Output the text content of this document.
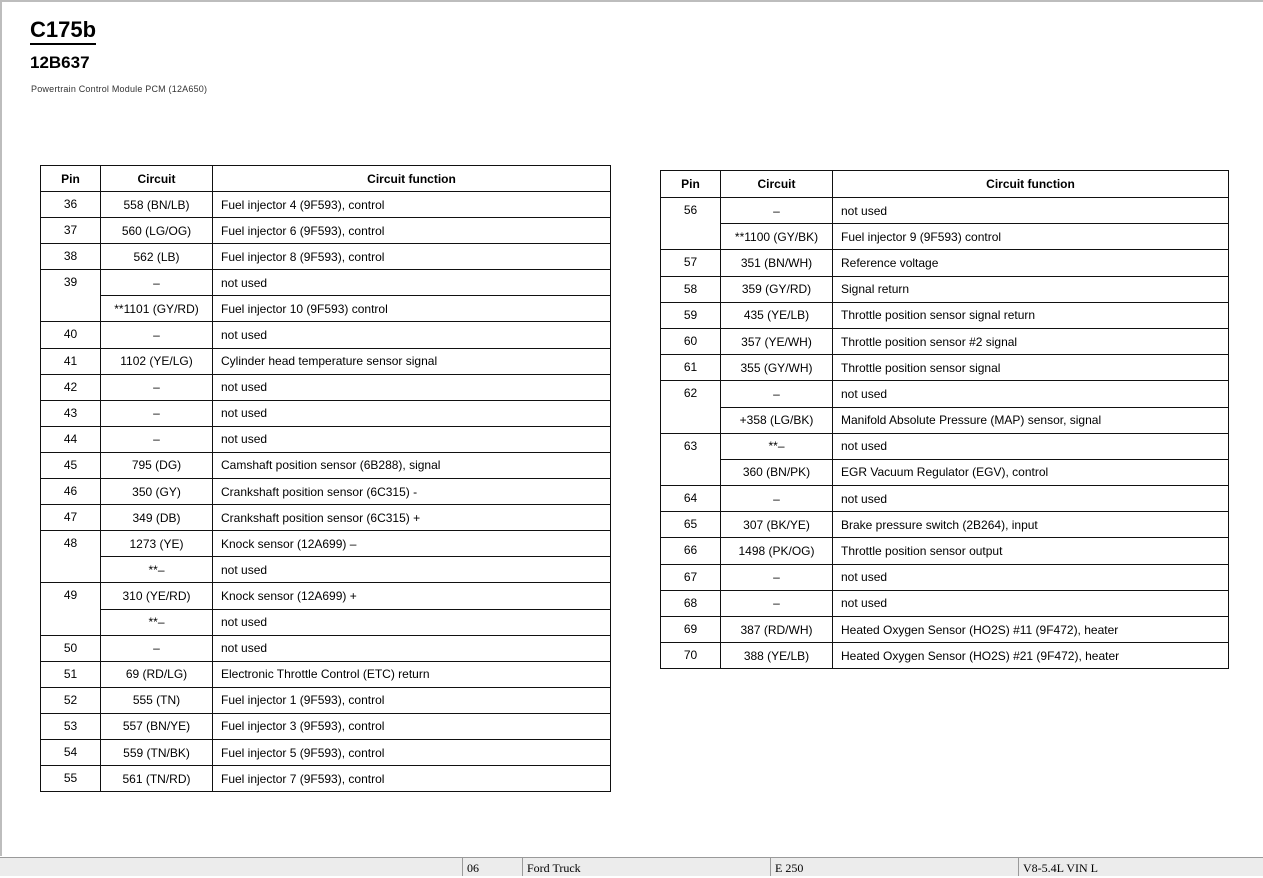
C175b
12B637
Powertrain Control Module PCM (12A650)
Pin	Circuit	Circuit function
36	558 (BN/LB)	Fuel injector 4 (9F593), control
37	560 (LG/OG)	Fuel injector 6 (9F593), control
38	562 (LB)	Fuel injector 8 (9F593), control
39	–	not used
	**1101 (GY/RD)	Fuel injector 10 (9F593) control
40	–	not used
41	1102 (YE/LG)	Cylinder head temperature sensor signal
42	–	not used
43	–	not used
44	–	not used
45	795 (DG)	Camshaft position sensor (6B288), signal
46	350 (GY)	Crankshaft position sensor (6C315) -
47	349 (DB)	Crankshaft position sensor (6C315) +
48	1273 (YE)	Knock sensor (12A699) –
	**–	not used
49	310 (YE/RD)	Knock sensor (12A699) +
	**–	not used
50	–	not used
51	69 (RD/LG)	Electronic Throttle Control (ETC) return
52	555 (TN)	Fuel injector 1 (9F593), control
53	557 (BN/YE)	Fuel injector 3 (9F593), control
54	559 (TN/BK)	Fuel injector 5 (9F593), control
55	561 (TN/RD)	Fuel injector 7 (9F593), control
Pin	Circuit	Circuit function
56	–	not used
	**1100 (GY/BK)	Fuel injector 9 (9F593) control
57	351 (BN/WH)	Reference voltage
58	359 (GY/RD)	Signal return
59	435 (YE/LB)	Throttle position sensor signal return
60	357 (YE/WH)	Throttle position sensor #2 signal
61	355 (GY/WH)	Throttle position sensor signal
62	–	not used
	+358 (LG/BK)	Manifold Absolute Pressure (MAP) sensor, signal
63	**–	not used
	360 (BN/PK)	EGR Vacuum Regulator (EGV), control
64	–	not used
65	307 (BK/YE)	Brake pressure switch (2B264), input
66	1498 (PK/OG)	Throttle position sensor output
67	–	not used
68	–	not used
69	387 (RD/WH)	Heated Oxygen Sensor (HO2S) #11 (9F472), heater
70	388 (YE/LB)	Heated Oxygen Sensor (HO2S) #21 (9F472), heater
06	Ford Truck	E 250	V8-5.4L VIN L
